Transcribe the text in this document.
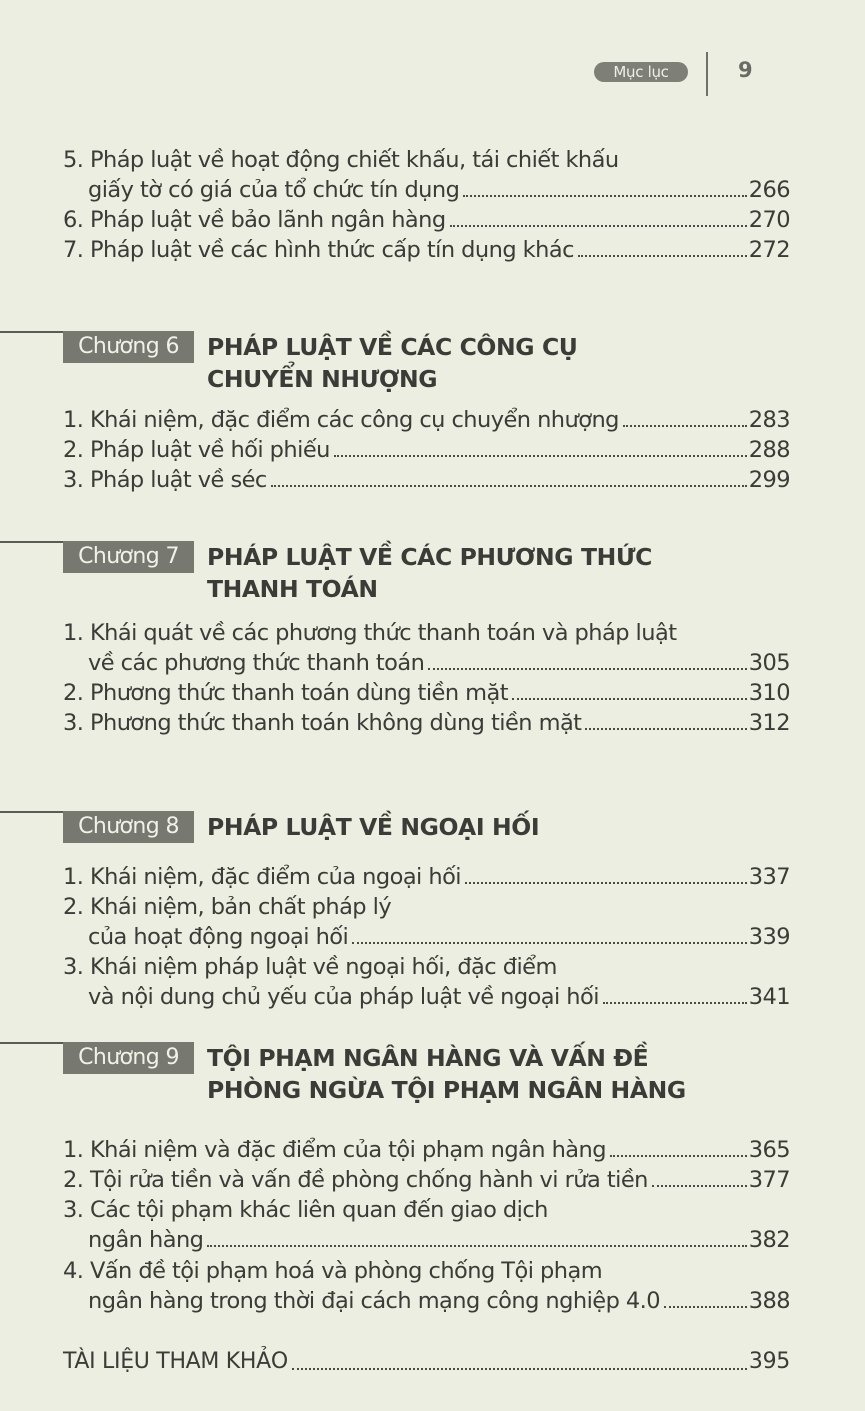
Mục lục	9
5. Pháp luật về hoạt động chiết khấu, tái chiết khấu
giấy tờ có giá của tổ chức tín dụng	266
6. Pháp luật về bảo lãnh ngân hàng	270
7. Pháp luật về các hình thức cấp tín dụng khác	272
Chương 6	PHÁP LUẬT VỀ CÁC CÔNG CỤ
CHUYỂN NHƯỢNG
1. Khái niệm, đặc điểm các công cụ chuyển nhượng	283
2. Pháp luật về hối phiếu	288
3. Pháp luật về séc	299
Chương 7	PHÁP LUẬT VỀ CÁC PHƯƠNG THỨC
THANH TOÁN
1. Khái quát về các phương thức thanh toán và pháp luật
về các phương thức thanh toán	305
2. Phương thức thanh toán dùng tiền mặt	310
3. Phương thức thanh toán không dùng tiền mặt	312
Chương 8	PHÁP LUẬT VỀ NGOẠI HỐI
1. Khái niệm, đặc điểm của ngoại hối	337
2. Khái niệm, bản chất pháp lý
của hoạt động ngoại hối	339
3. Khái niệm pháp luật về ngoại hối, đặc điểm
và nội dung chủ yếu của pháp luật về ngoại hối	341
Chương 9	TỘI PHẠM NGÂN HÀNG VÀ VẤN ĐỀ
PHÒNG NGỪA TỘI PHẠM NGÂN HÀNG
1. Khái niệm và đặc điểm của tội phạm ngân hàng	365
2. Tội rửa tiền và vấn đề phòng chống hành vi rửa tiền	377
3. Các tội phạm khác liên quan đến giao dịch
ngân hàng	382
4. Vấn đề tội phạm hoá và phòng chống Tội phạm
ngân hàng trong thời đại cách mạng công nghiệp 4.0	388
TÀI LIỆU THAM KHẢO	395
